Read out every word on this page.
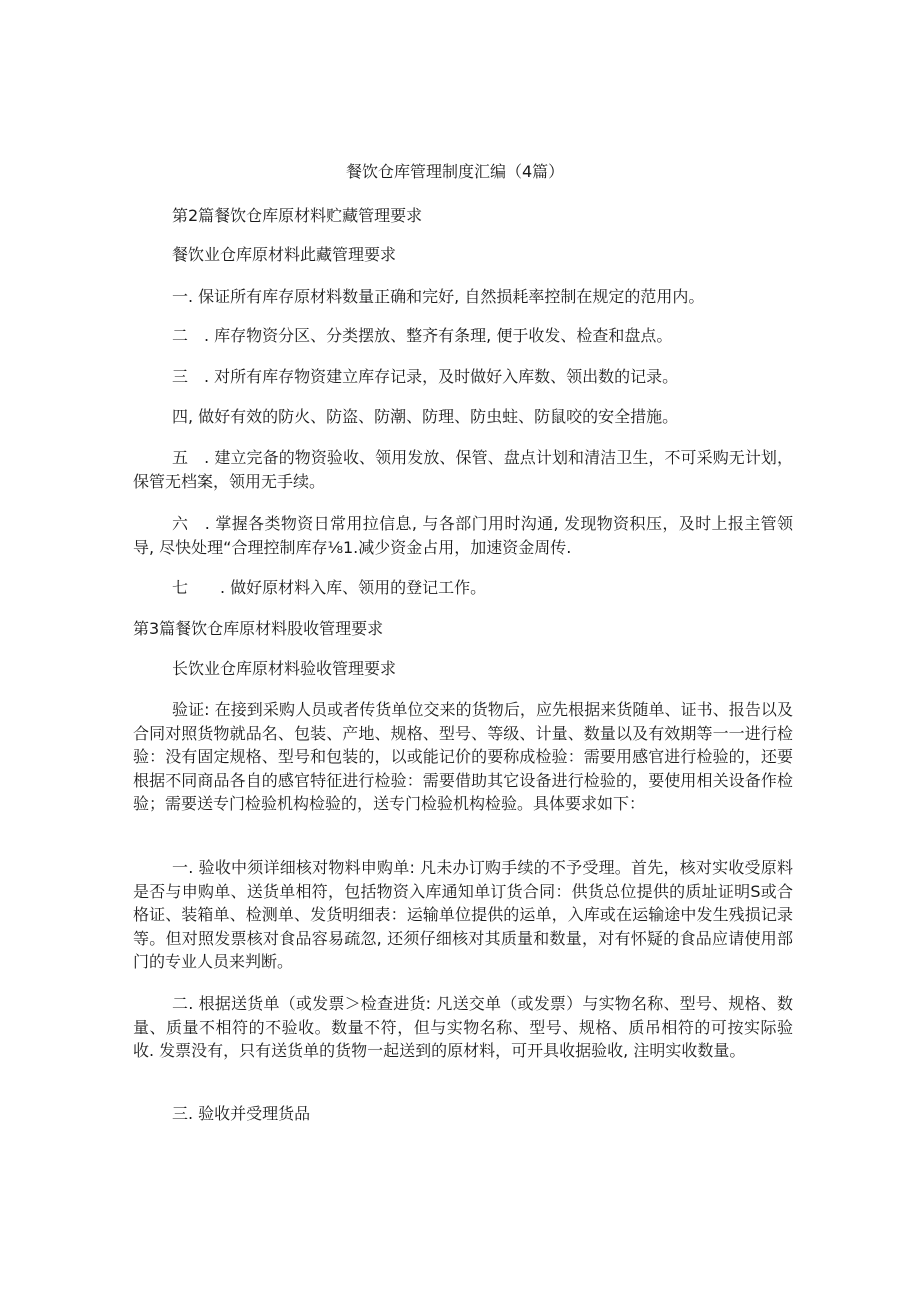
餐饮仓库管理制度汇编（4篇）

第2篇餐饮仓库原材料贮藏管理要求

餐饮业仓库原材料此藏管理要求

一. 保证所有库存原材料数量正确和完好, 自然损耗率控制在规定的范用内。

二　. 库存物资分区、分类摆放、整齐有条理, 便于收发、检查和盘点。

三　. 对所有库存物资建立库存记录，及时做好入库数、领出数的记录。

四, 做好有效的防火、防盗、防潮、防理、防虫蛀、防鼠咬的安全措施。

五　. 建立完备的物资验收、领用发放、保管、盘点计划和清洁卫生，不可采购无计划，保管无档案，领用无手续。

六　. 掌握各类物资日常用拉信息, 与各部门用时沟通, 发现物资积压，及时上报主管领导, 尽快处理“合理控制库存⅛1.减少资金占用，加速资金周传.

七　　. 做好原材料入库、领用的登记工作。

第3篇餐饮仓库原材料股收管理要求

长饮业仓库原材料验收管理要求

验证: 在接到采购人员或者传货单位交来的货物后，应先根据来货随单、证书、报告以及合同对照货物就品名、包装、产地、规格、型号、等级、计量、数量以及有效期等一一进行检验：没有固定规格、型号和包装的，以或能记价的要称成检验：需要用感官进行检验的，还要根据不同商品各自的感官特征进行检验：需要借助其它设备进行检验的，要使用相关设备作检验；需要送专门检验机构检验的，送专门检验机构检验。具体要求如下：

一. 验收中须详细核对物料申购单: 凡未办订购手续的不予受理。首先，核对实收受原料是否与申购单、送货单相符，包括物资入库通知单订货合同：供货总位提供的质址证明S或合格证、装箱单、检测单、发货明细表：运输单位提供的运单，入库或在运输途中发生残损记录等。但对照发票核对食品容易疏忽, 还须仔细核对其质量和数量，对有怀疑的食品应请使用部门的专业人员来判断。

二. 根据送货单（或发票＞检查进货: 凡送交单（或发票）与实物名称、型号、规格、数量、质量不相符的不验收。数量不符，但与实物名称、型号、规格、质吊相符的可按实际验收. 发票没有，只有送货单的货物一起送到的原材料，可开具收据验收, 注明实收数量。

三. 验收并受理货品
